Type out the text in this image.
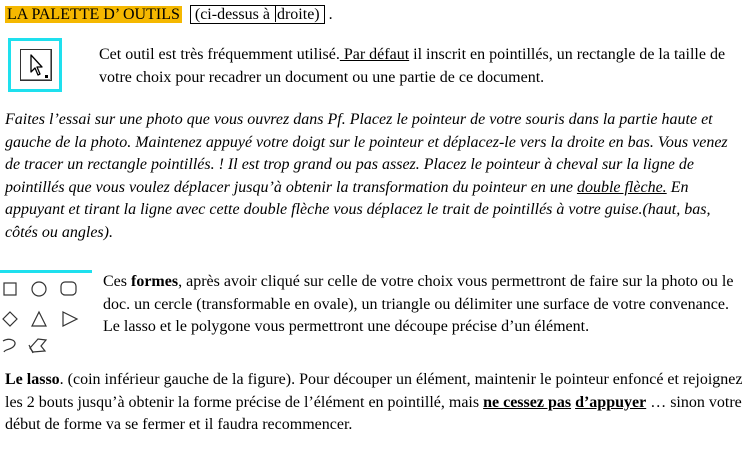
LA PALETTE D’ OUTILS (ci-dessus à droite) .

Cet outil est très fréquemment utilisé. Par défaut il inscrit en pointillés, un rectangle de la taille de votre choix pour recadrer un document ou une partie de ce document.

Faites l’essai sur une photo que vous ouvrez dans Pf. Placez le pointeur de votre souris dans la partie haute et gauche de la photo. Maintenez appuyé votre doigt sur le pointeur et déplacez-le vers la droite en bas. Vous venez de tracer un rectangle pointillés. ! Il est trop grand ou pas assez. Placez le pointeur à cheval sur la ligne de pointillés que vous voulez déplacer jusqu’à obtenir la transformation du pointeur en une double flèche. En appuyant et tirant la ligne avec cette double flèche vous déplacez le trait de pointillés à votre guise.(haut, bas, côtés ou angles).

Ces formes, après avoir cliqué sur celle de votre choix vous permettront de faire sur la photo ou le doc. un cercle (transformable en ovale), un triangle ou délimiter une surface de votre convenance. Le lasso et le polygone vous permettront une découpe précise d’un élément.

Le lasso. (coin inférieur gauche de la figure). Pour découper un élément, maintenir le pointeur enfoncé et rejoignez les 2 bouts jusqu’à obtenir la forme précise de l’élément en pointillé, mais ne cessez pas d’appuyer … sinon votre début de forme va se fermer et il faudra recommencer.
